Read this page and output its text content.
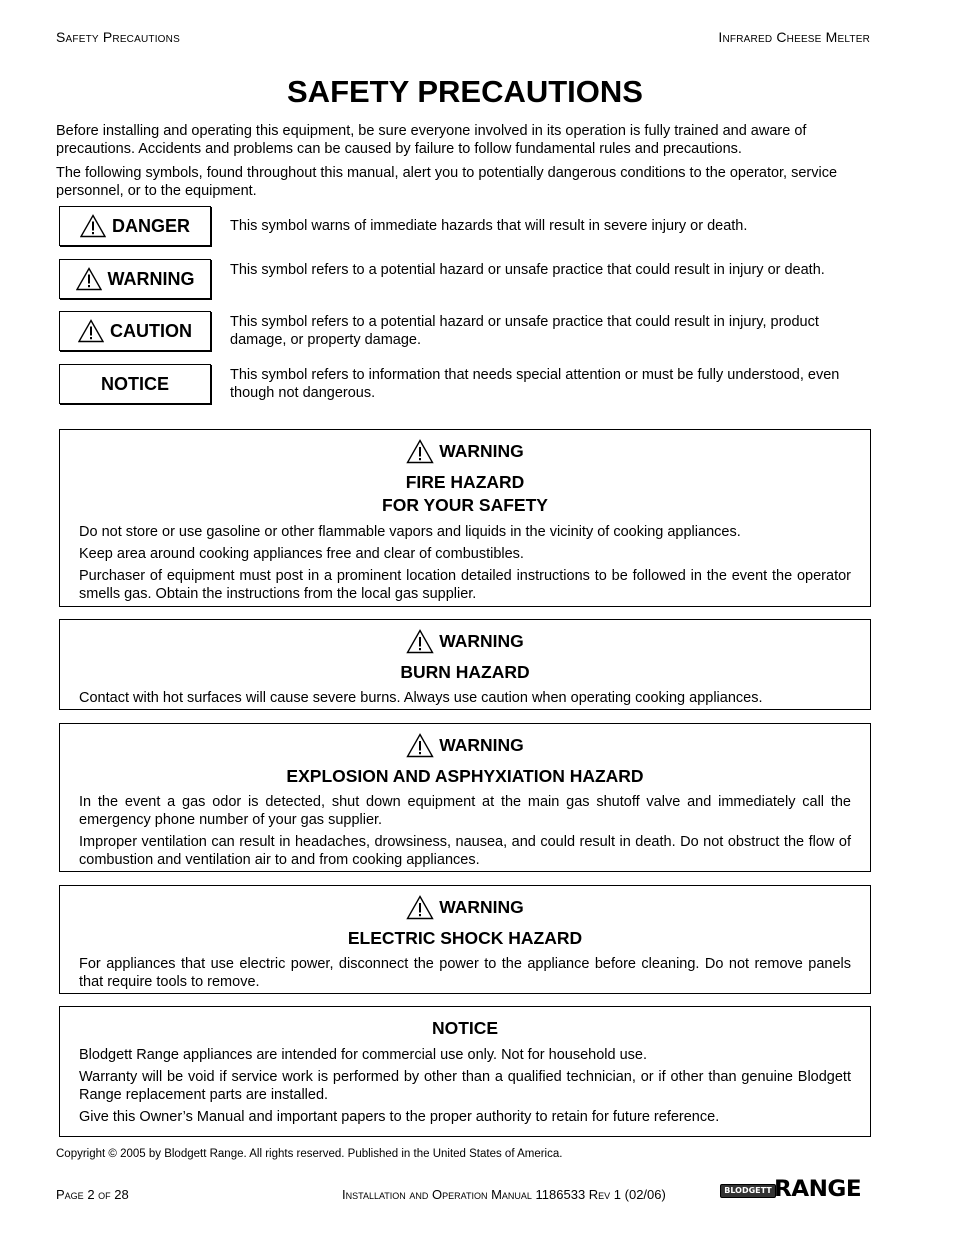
Safety Precautions	Infrared Cheese Melter
SAFETY PRECAUTIONS
Before installing and operating this equipment, be sure everyone involved in its operation is fully trained and aware of precautions. Accidents and problems can be caused by failure to follow fundamental rules and precautions.
The following symbols, found throughout this manual, alert you to potentially dangerous conditions to the operator, service personnel, or to the equipment.
DANGER	This symbol warns of immediate hazards that will result in severe injury or death.
WARNING This symbol refers to a potential hazard or unsafe practice that could result in injury or death.
CAUTION	This symbol refers to a potential hazard or unsafe practice that could result in injury, product damage, or property damage.
NOTICE	This symbol refers to information that needs special attention or must be fully understood, even though not dangerous.
WARNING
FIRE HAZARD
FOR YOUR SAFETY
Do not store or use gasoline or other flammable vapors and liquids in the vicinity of cooking appliances.
Keep area around cooking appliances free and clear of combustibles.
Purchaser of equipment must post in a prominent location detailed instructions to be followed in the event the operator smells gas. Obtain the instructions from the local gas supplier.
WARNING
BURN HAZARD
Contact with hot surfaces will cause severe burns. Always use caution when operating cooking appliances.
WARNING
EXPLOSION AND ASPHYXIATION HAZARD
In the event a gas odor is detected, shut down equipment at the main gas shutoff valve and immediately call the emergency phone number of your gas supplier.
Improper ventilation can result in headaches, drowsiness, nausea, and could result in death. Do not obstruct the flow of combustion and ventilation air to and from cooking appliances.
WARNING
ELECTRIC SHOCK HAZARD
For appliances that use electric power, disconnect the power to the appliance before cleaning. Do not remove panels that require tools to remove.
NOTICE
Blodgett Range appliances are intended for commercial use only. Not for household use.
Warranty will be void if service work is performed by other than a qualified technician, or if other than genuine Blodgett Range replacement parts are installed.
Give this Owner’s Manual and important papers to the proper authority to retain for future reference.
Copyright © 2005 by Blodgett Range. All rights reserved. Published in the United States of America.
Page 2 of 28	Installation and Operation Manual 1186533 Rev 1 (02/06)	BLODGETT RANGE
